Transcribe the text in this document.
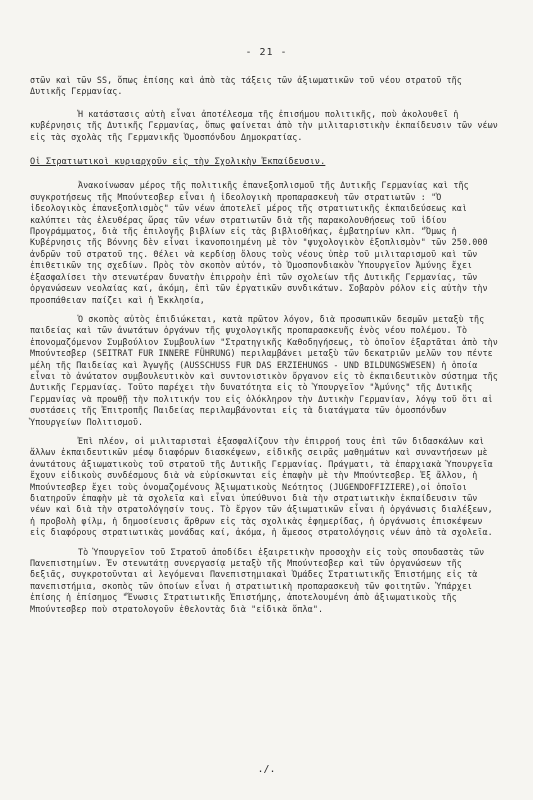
- 21 -

στῶν καὶ τῶν SS, ὅπως ἐπίσης καὶ ἀπὸ τὰς τάξεις τῶν ἀξιωματικῶν τοῦ νέου στρατοῦ τῆς Δυτικῆς Γερμανίας.

Ἡ κατάστασις αὐτὴ εἶναι ἀποτέλεσμα τῆς ἐπισήμου πολιτικῆς, ποὺ ἀκολουθεῖ ἡ κυβέρνησις τῆς Δυτικῆς Γερμανίας, ὅπως φαίνεται ἀπὸ τὴν μιλιταριστικὴν ἐκπαίδευσιν τῶν νέων εἰς τὰς σχολὰς τῆς Γερμανικῆς Ὁμοσπόνδου Δημοκρατίας.

Οἱ Στρατιωτικοὶ κυριαρχοῦν εἰς τὴν Σχολικὴν Ἐκπαίδευσιν.

Ἀνακοίνωσαν μέρος τῆς πολιτικῆς ἐπανεξοπλισμοῦ τῆς Δυτικῆς Γερμανίας καὶ τῆς συγκροτήσεως τῆς Μπούντεσβερ εἶναι ἡ ἰδεολογικὴ προπαρασκευὴ τῶν στρατιωτῶν : "Ὁ ἰδεολογικὸς ἐπανεξοπλισμὸς" τῶν νέων ἀποτελεῖ μέρος τῆς στρατιωτικῆς ἐκπαιδεύσεως καὶ καλύπτει τὰς ἐλευθέρας ὥρας τῶν νέων στρατιωτῶν διὰ τῆς παρακολουθήσεως τοῦ ἰδίου Προγράμματος, διὰ τῆς ἐπιλογῆς βιβλίων εἰς τὰς βιβλιοθήκας, ἐμβατηρίων κλπ. "Ὅμως ἡ Κυβέρνησις τῆς Βόννης δὲν εἶναι ἱκανοποιημένη μὲ τὸν "ψυχολογικὸν ἐξοπλισμὸν" τῶν 250.000 ἀνδρῶν τοῦ στρατοῦ της. Θέλει νὰ κερδίσῃ ὅλους τοὺς νέους ὑπὲρ τοῦ μιλιταρισμοῦ καὶ τῶν ἐπιθετικῶν της σχεδίων. Πρὸς τὸν σκοπὸν αὐτόν, τὸ Ὁμοσπονδιακὸν Ὑπουργεῖον Ἀμύνης ἔχει ἐξασφαλίσει τὴν στενωτέραν δυνατὴν ἐπιρροὴν ἐπὶ τῶν σχολείων τῆς Δυτικῆς Γερμανίας, τῶν ὀργανώσεων νεολαίας καί, ἀκόμη, ἐπὶ τῶν ἐργατικῶν συνδικάτων. Σοβαρὸν ρόλον εἰς αὐτὴν τὴν προσπάθειαν παίζει καὶ ἡ Ἐκκλησία,

Ὁ σκοπὸς αὐτὸς ἐπιδιώκεται, κατὰ πρῶτον λόγον, διὰ προσωπικῶν δεσμῶν μεταξὺ τῆς παιδείας καὶ τῶν ἀνωτάτων ὀργάνων τῆς ψυχολογικῆς προπαρασκευῆς ἑνὸς νέου πολέμου. Τὸ ἐπονομαζόμενον Συμβούλιον Συμβουλίων "Στρατηγικῆς Καθοδηγήσεως, τὸ ὁποῖον ἐξαρτᾶται ἀπὸ τὴν Μπούντεσβερ (SEITRAT FUR INNERE FÜHRUNG) περιλαμβάνει μεταξὺ τῶν δεκατριῶν μελῶν του πέντε μέλη τῆς Παιδείας καὶ Ἀγωγῆς (AUSSCHUSS FUR DAS ERZIEHUNGS - UND BILDUNGSWESEN) ἡ ὁποία εἶναι τὸ ἀνώτατον συμβουλευτικὸν καὶ συντονιστικὸν ὄργανον εἰς τὸ ἐκπαιδευτικὸν σύστημα τῆς Δυτικῆς Γερμανίας. Τοῦτο παρέχει τὴν δυνατότητα εἰς τὸ Ὑπουργεῖον "Ἀμύνης" τῆς Δυτικῆς Γερμανίας νὰ προωθῇ τὴν πολιτικήν του εἰς ὁλόκληρον τὴν Δυτικὴν Γερμανίαν, λόγῳ τοῦ ὅτι αἱ συστάσεις τῆς Ἐπιτροπῆς Παιδείας περιλαμβάνονται εἰς τὰ διατάγματα τῶν ὁμοσπόνδων Ὑπουργείων Πολιτισμοῦ.

Ἐπὶ πλέον, οἱ μιλιταρισταὶ ἐξασφαλίζουν τὴν ἐπιρροή τους ἐπὶ τῶν διδασκάλων καὶ ἄλλων ἐκπαιδευτικῶν μέσῳ διαφόρων διασκέψεων, εἰδικῆς σειρᾶς μαθημάτων καὶ συναντήσεων μὲ ἀνωτάτους ἀξιωματικοὺς τοῦ στρατοῦ τῆς Δυτικῆς Γερμανίας. Πράγματι, τὰ ἐπαρχιακὰ Ὑπουργεῖα ἔχουν εἰδικοὺς συνδέσμους διὰ νὰ εὑρίσκωνται εἰς ἐπαφὴν μὲ τὴν Μπούντεσβερ. Ἐξ ἄλλου, ἡ Μπούντεσβερ ἔχει τοὺς ὀνομαζομένους Ἀξιωματικοὺς Νεότητος (JUGENDOFFIZIERE),οἱ ὁποῖοι διατηροῦν ἐπαφὴν μὲ τὰ σχολεῖα καὶ εἶναι ὑπεύθυνοι διὰ τὴν στρατιωτικὴν ἐκπαίδευσιν τῶν νέων καὶ διὰ τὴν στρατολόγησίν τους. Τὸ ἔργον τῶν ἀξιωματικῶν εἶναι ἡ ὀργάνωσις διαλέξεων, ἡ προβολὴ φίλμ, ἡ δημοσίευσις ἄρθρων εἰς τὰς σχολικὰς ἐφημερίδας, ἡ ὀργάνωσις ἐπισκέψεων εἰς διαφόρους στρατιωτικὰς μονάδας καί, ἀκόμα, ἡ ἄμεσος στρατολόγησις νέων ἀπὸ τὰ σχολεῖα.

Τὸ Ὑπουργεῖον τοῦ Στρατοῦ ἀποδίδει ἐξαιρετικὴν προσοχὴν εἰς τοὺς σπουδαστὰς τῶν Πανεπιστημίων. Ἐν στενωτάτῃ συνεργασίᾳ μεταξὺ τῆς Μπούντεσβερ καὶ τῶν ὀργανώσεων τῆς δεξιᾶς, συγκροτοῦνται αἱ λεγόμεναι Πανεπιστημιακαὶ Ὁμάδες Στρατιωτικῆς Ἐπιστήμης εἰς τὰ πανεπιστήμια, σκοπὸς τῶν ὁποίων εἶναι ἡ στρατιωτικὴ προπαρασκευὴ τῶν φοιτητῶν. Ὑπάρχει ἐπίσης ἡ ἐπίσημος "Ἕνωσις Στρατιωτικῆς Ἐπιστήμης, ἀποτελουμένη ἀπὸ ἀξιωματικοὺς τῆς Μπούντεσβερ ποὺ στρατολογοῦν ἐθελοντὰς διὰ "εἰδικὰ ὅπλα".

./.
